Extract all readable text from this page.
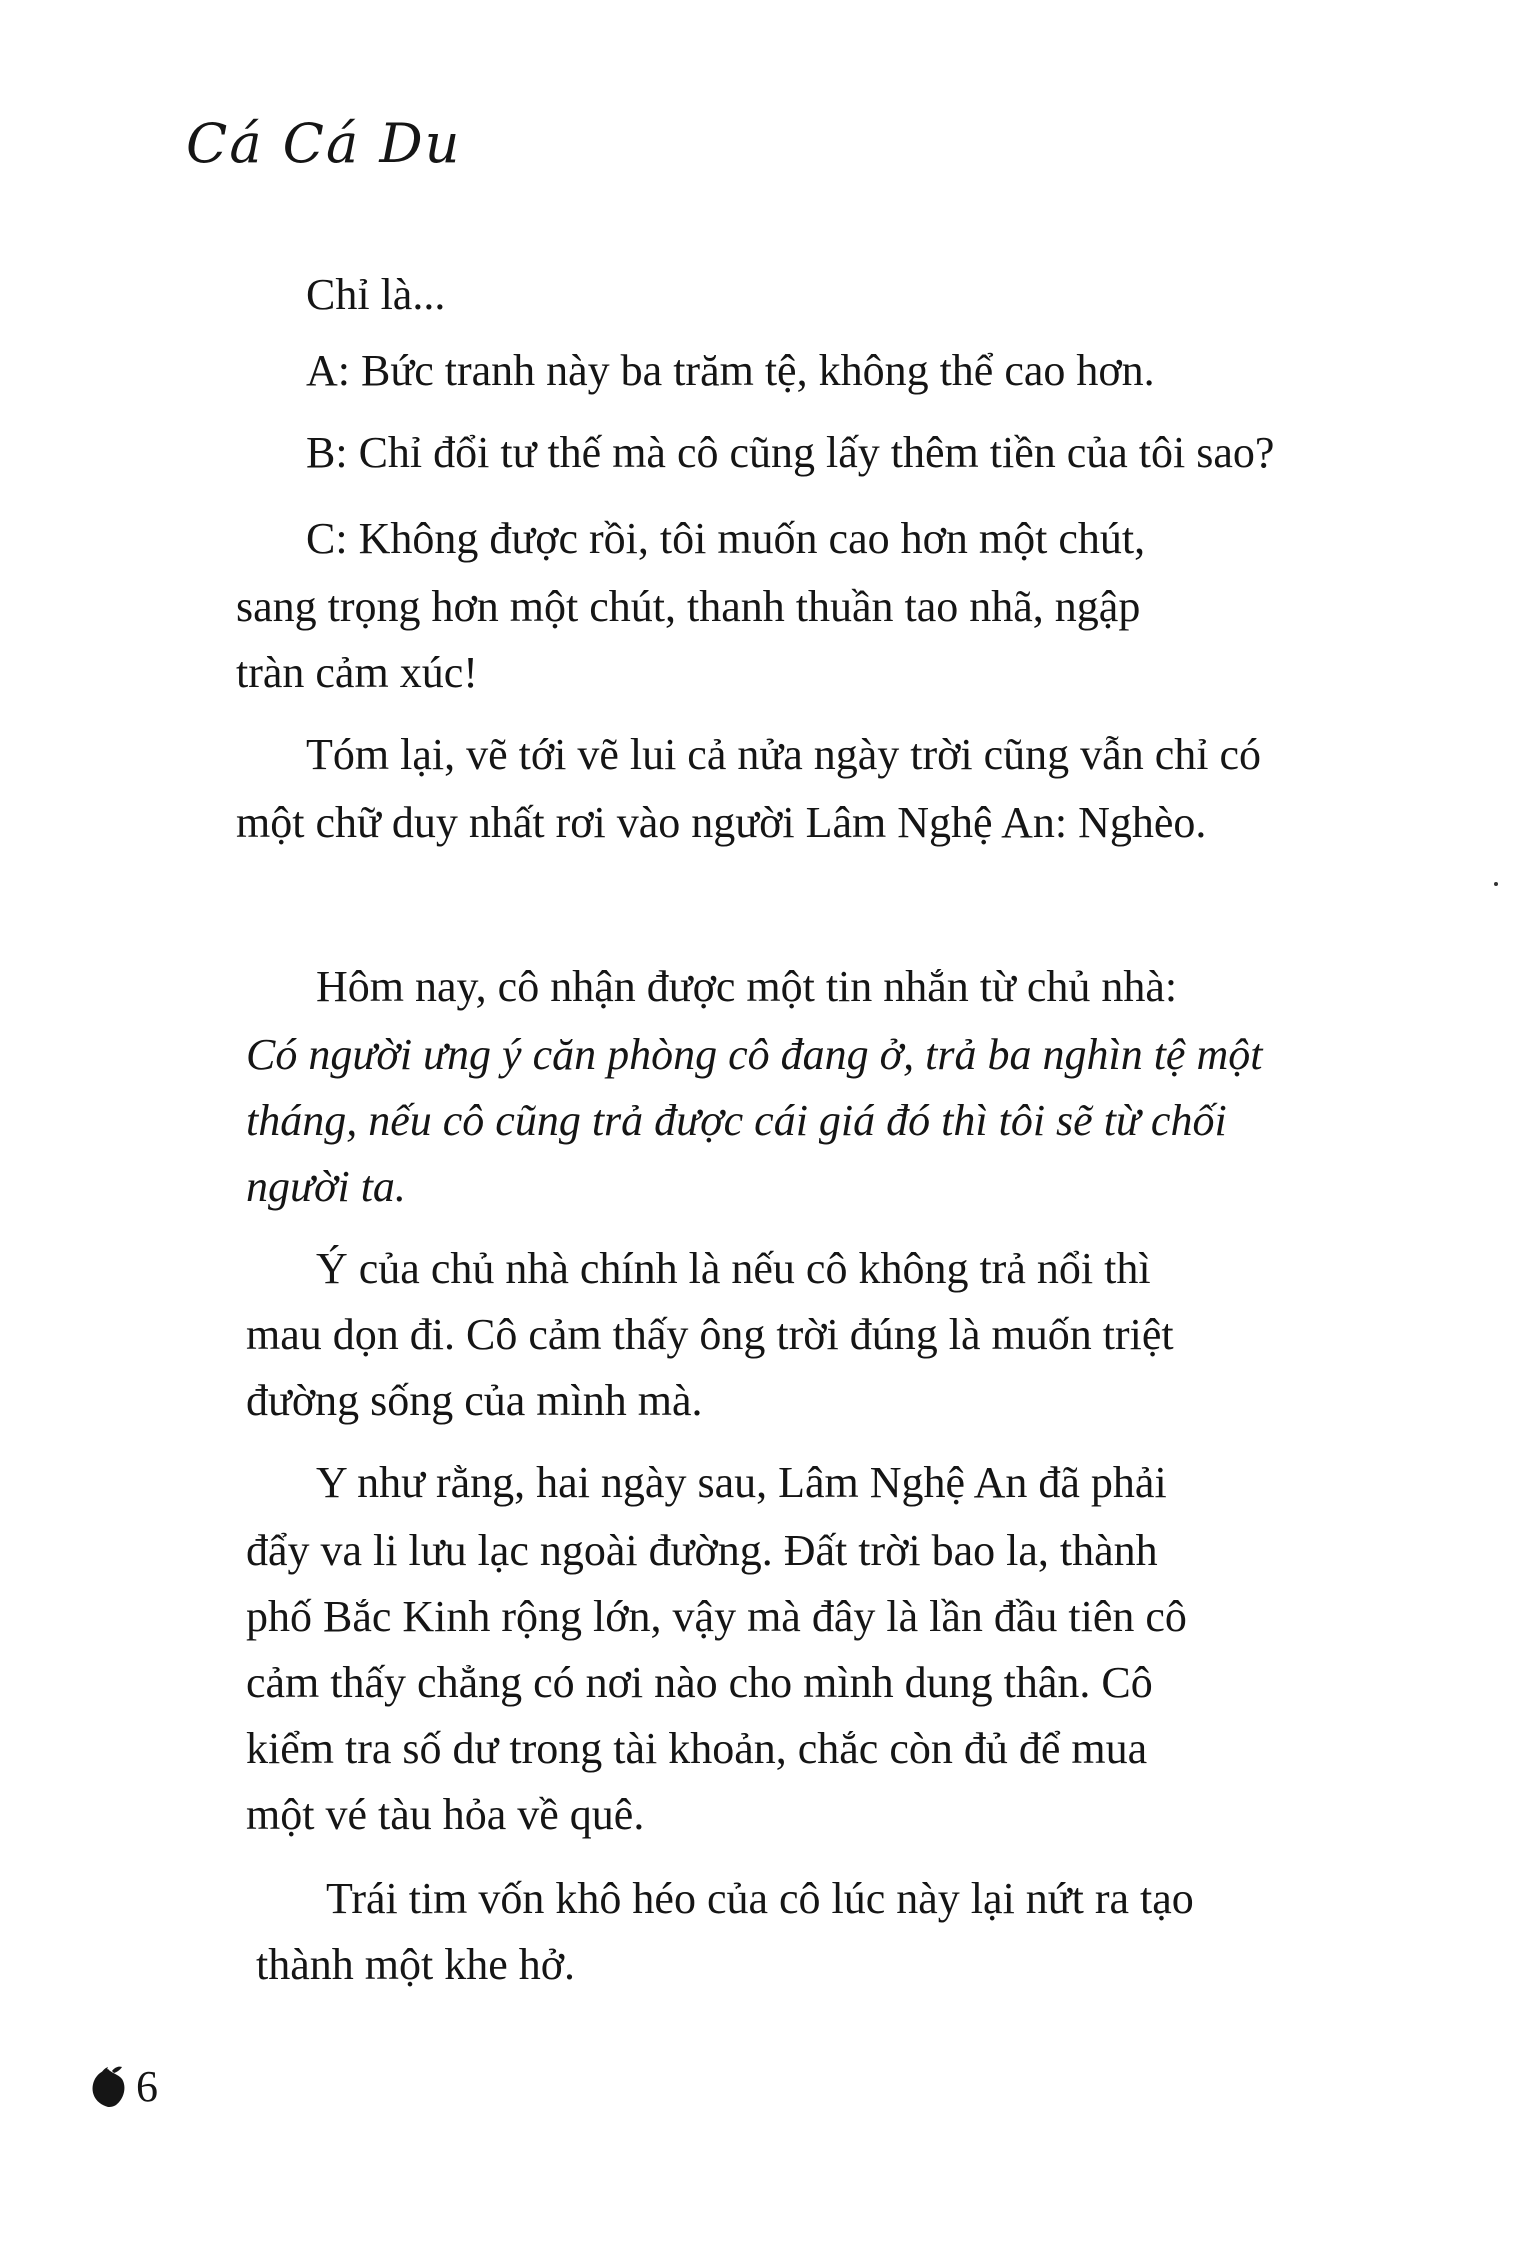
Cá Cá Du

Chỉ là...

A: Bức tranh này ba trăm tệ, không thể cao hơn.

B: Chỉ đổi tư thế mà cô cũng lấy thêm tiền của tôi sao?

C: Không được rồi, tôi muốn cao hơn một chút,

sang trọng hơn một chút, thanh thuần tao nhã, ngập

tràn cảm xúc!

Tóm lại, vẽ tới vẽ lui cả nửa ngày trời cũng vẫn chỉ có

một chữ duy nhất rơi vào người Lâm Nghệ An: Nghèo.

Hôm nay, cô nhận được một tin nhắn từ chủ nhà:

Có người ưng ý căn phòng cô đang ở, trả ba nghìn tệ một

tháng, nếu cô cũng trả được cái giá đó thì tôi sẽ từ chối

người ta.

Ý của chủ nhà chính là nếu cô không trả nổi thì

mau dọn đi. Cô cảm thấy ông trời đúng là muốn triệt

đường sống của mình mà.

Y như rằng, hai ngày sau, Lâm Nghệ An đã phải

đẩy va li lưu lạc ngoài đường. Đất trời bao la, thành

phố Bắc Kinh rộng lớn, vậy mà đây là lần đầu tiên cô

cảm thấy chẳng có nơi nào cho mình dung thân. Cô

kiểm tra số dư trong tài khoản, chắc còn đủ để mua

một vé tàu hỏa về quê.

Trái tim vốn khô héo của cô lúc này lại nứt ra tạo

thành một khe hở.

6
